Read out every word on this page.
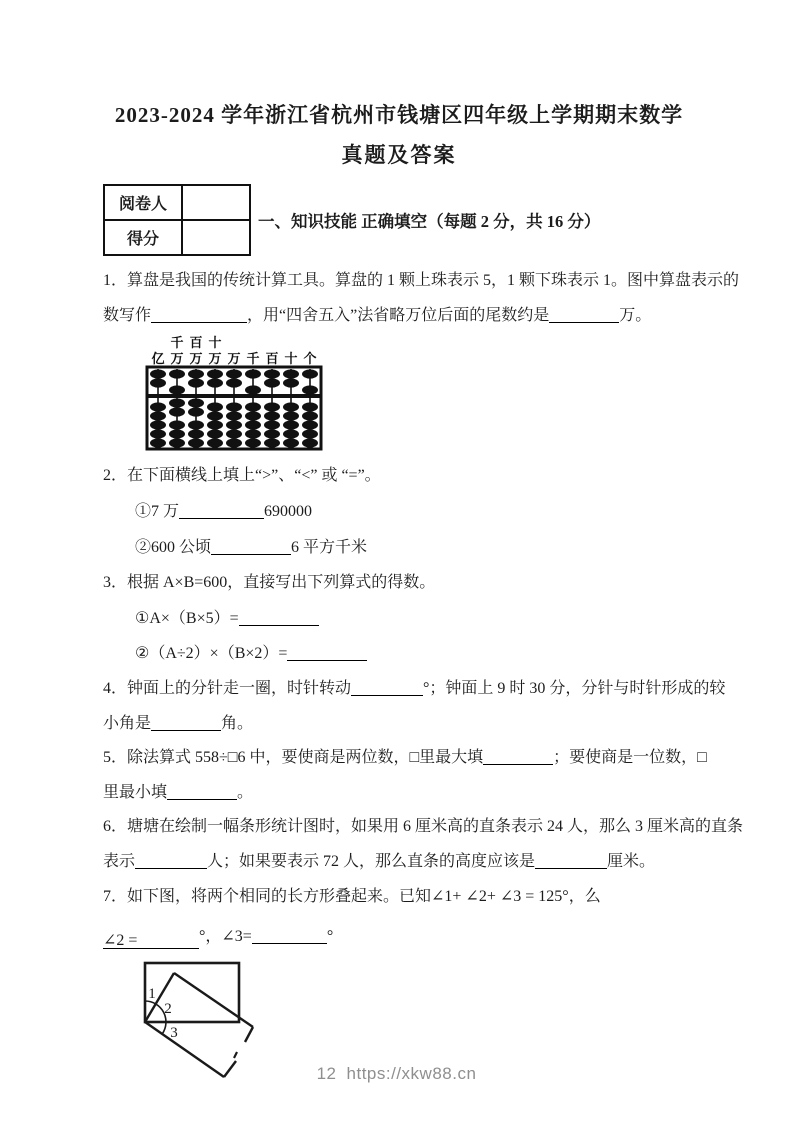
2023-2024 学年浙江省杭州市钱塘区四年级上学期期末数学
真题及答案
阅卷人	
得分	
一、知识技能 正确填空（每题 2 分，共 16 分）
1．算盘是我国的传统计算工具。算盘的 1 颗上珠表示 5，1 颗下珠表示 1。图中算盘表示的
数写作	，用“四舍五入”法省略万位后面的尾数约是	万。
千 百 十
亿 万 万 万 万 千 百 十 个
2．在下面横线上填上“>”、“<” 或 “=”。
①7 万	690000
②600 公顷	6 平方千米
3．根据 A×B=600，直接写出下列算式的得数。
①A×（B×5）=
②（A÷2）×（B×2）=
4．钟面上的分针走一圈，时针转动	°；钟面上 9 时 30 分，分针与时针形成的较
小角是	角。
5．除法算式 558÷□6 中，要使商是两位数，□里最大填	；要使商是一位数，□
里最小填	。
6．塘塘在绘制一幅条形统计图时，如果用 6 厘米高的直条表示 24 人，那么 3 厘米高的直条
表示	人；如果要表示 72 人，那么直条的高度应该是	厘米。
7．如下图，将两个相同的长方形叠起来。已知∠1+ ∠2+ ∠3 = 125°，么
∠2 =	°，∠3=	°
1
2
3
12 https://xkw88.cn
